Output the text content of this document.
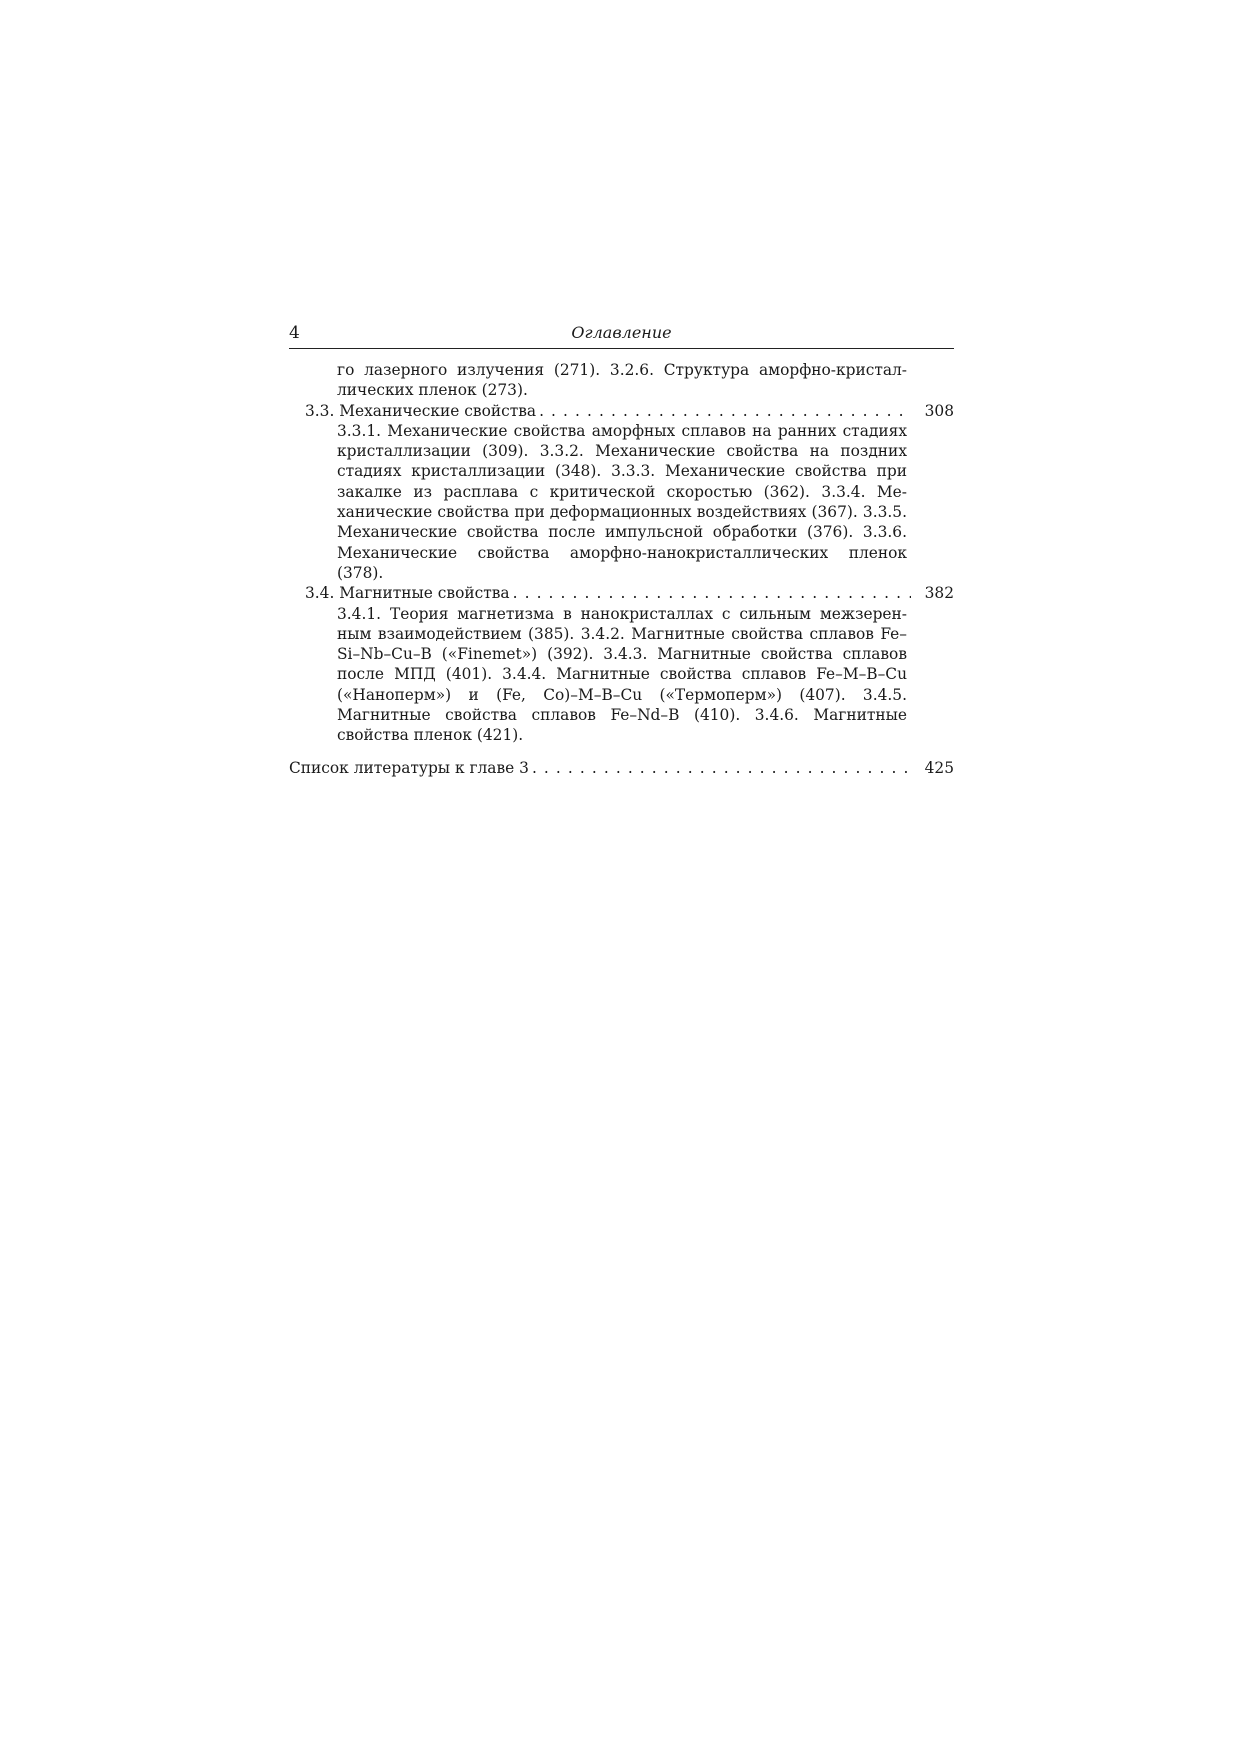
4	Оглавление
го лазерного излучения (271). 3.2.6. Структура аморфно-кристаллических пленок (273).
3.3. Механические свойства . . .	308
3.3.1. Механические свойства аморфных сплавов на ранних стадиях кристаллизации (309). 3.3.2. Механические свойства на поздних стадиях кристаллизации (348). 3.3.3. Механические свойства при закалке из расплава с критической скоростью (362). 3.3.4. Механические свойства при деформационных воздействиях (367). 3.3.5. Механические свойства после импульсной обработки (376). 3.3.6. Механические свойства аморфно-нанокристаллических пленок (378).
3.4. Магнитные свойства . . .	382
3.4.1. Теория магнетизма в нанокристаллах с сильным межзеренным взаимодействием (385). 3.4.2. Магнитные свойства сплавов Fe–Si–Nb–Cu–B («Finemet») (392). 3.4.3. Магнитные свойства сплавов после МПД (401). 3.4.4. Магнитные свойства сплавов Fe–M–B–Cu («Наноперм») и (Fe, Co)–M–B–Cu («Термоперм») (407). 3.4.5. Магнитные свойства сплавов Fe–Nd–B (410). 3.4.6. Магнитные свойства пленок (421).
Список литературы к главе 3 . . .	425
